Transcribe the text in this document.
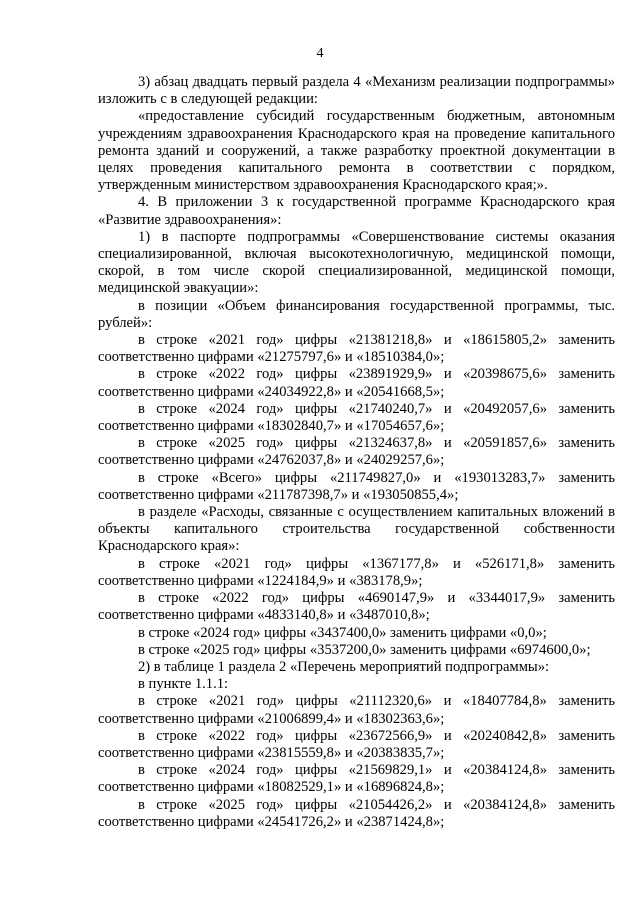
4

3) абзац двадцать первый раздела 4 «Механизм реализации подпрограммы» изложить с в следующей редакции:

«предоставление субсидий государственным бюджетным, автономным учреждениям здравоохранения Краснодарского края на проведение капитального ремонта зданий и сооружений, а также разработку проектной документации в целях проведения капитального ремонта в соответствии с порядком, утвержденным министерством здравоохранения Краснодарского края;».

4. В приложении 3 к государственной программе Краснодарского края «Развитие здравоохранения»:

1) в паспорте подпрограммы «Совершенствование системы оказания специализированной, включая высокотехнологичную, медицинской помощи, скорой, в том числе скорой специализированной, медицинской помощи, медицинской эвакуации»:

в позиции «Объем финансирования государственной программы, тыс. рублей»:

в строке «2021 год» цифры «21381218,8» и «18615805,2» заменить соответственно цифрами «21275797,6» и «18510384,0»;

в строке «2022 год» цифры «23891929,9» и «20398675,6» заменить соответственно цифрами «24034922,8» и «20541668,5»;

в строке «2024 год» цифры «21740240,7» и «20492057,6» заменить соответственно цифрами «18302840,7» и «17054657,6»;

в строке «2025 год» цифры «21324637,8» и «20591857,6» заменить соответственно цифрами «24762037,8» и «24029257,6»;

в строке «Всего» цифры «211749827,0» и «193013283,7» заменить соответственно цифрами «211787398,7» и «193050855,4»;

в разделе «Расходы, связанные с осуществлением капитальных вложений в объекты капитального строительства государственной собственности Краснодарского края»:

в строке «2021 год» цифры «1367177,8» и «526171,8» заменить соответственно цифрами «1224184,9» и «383178,9»;

в строке «2022 год» цифры «4690147,9» и «3344017,9» заменить соответственно цифрами «4833140,8» и «3487010,8»;

в строке «2024 год» цифры «3437400,0» заменить цифрами «0,0»;

в строке «2025 год» цифры «3537200,0» заменить цифрами «6974600,0»;

2) в таблице 1 раздела 2 «Перечень мероприятий подпрограммы»:

в пункте 1.1.1:

в строке «2021 год» цифры «21112320,6» и «18407784,8» заменить соответственно цифрами «21006899,4» и «18302363,6»;

в строке «2022 год» цифры «23672566,9» и «20240842,8» заменить соответственно цифрами «23815559,8» и «20383835,7»;

в строке «2024 год» цифры «21569829,1» и «20384124,8» заменить соответственно цифрами «18082529,1» и «16896824,8»;

в строке «2025 год» цифры «21054426,2» и «20384124,8» заменить соответственно цифрами «24541726,2» и «23871424,8»;
